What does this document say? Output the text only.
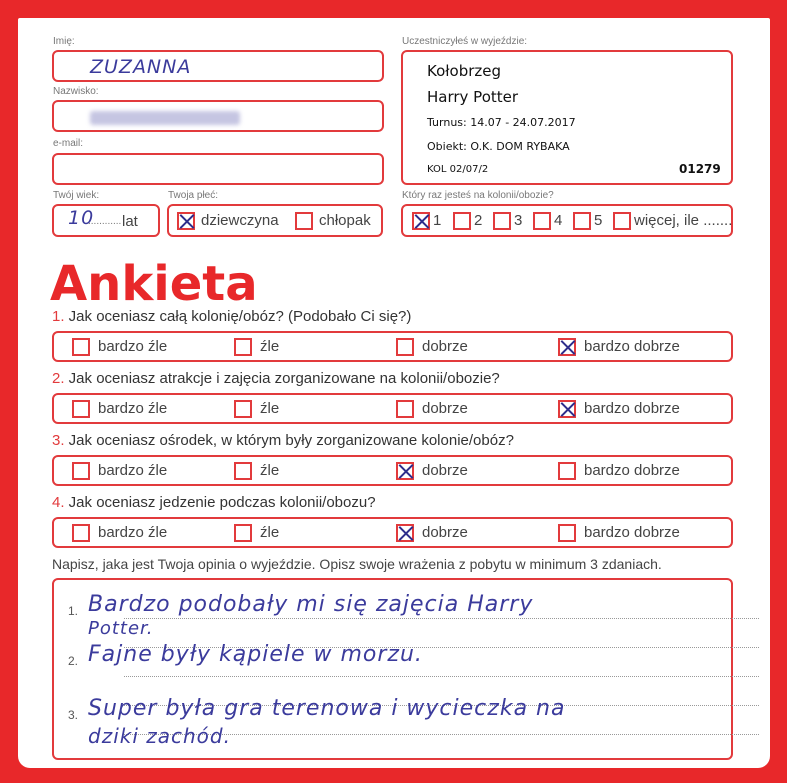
Imię:
ZUZANNA
Nazwisko:
e-mail:
Twój wiek:
10
............ lat
Twoja płeć:
dziewczyna	chłopak
Uczestniczyłeś w wyjeździe:
Kołobrzeg
Harry Potter
Turnus: 14.07 - 24.07.2017
Obiekt: O.K. DOM RYBAKA
KOL 02/07/2	01279
Który raz jesteś na kolonii/obozie?
1 2 3 4 5 więcej, ile .......
Ankieta
1. Jak oceniasz całą kolonię/obóz? (Podobało Ci się?)
bardzo źle	źle	dobrze	bardzo dobrze
2. Jak oceniasz atrakcje i zajęcia zorganizowane na kolonii/obozie?
bardzo źle	źle	dobrze	bardzo dobrze
3. Jak oceniasz ośrodek, w którym były zorganizowane kolonie/obóz?
bardzo źle	źle	dobrze	bardzo dobrze
4. Jak oceniasz jedzenie podczas kolonii/obozu?
bardzo źle	źle	dobrze	bardzo dobrze
Napisz, jaka jest Twoja opinia o wyjeździe. Opisz swoje wrażenia z pobytu w minimum 3 zdaniach.
1. Bardzo podobały mi się zajęcia Harry
Potter.
2. Fajne były kąpiele w morzu.
3. Super była gra terenowa i wycieczka na
dziki zachód.
